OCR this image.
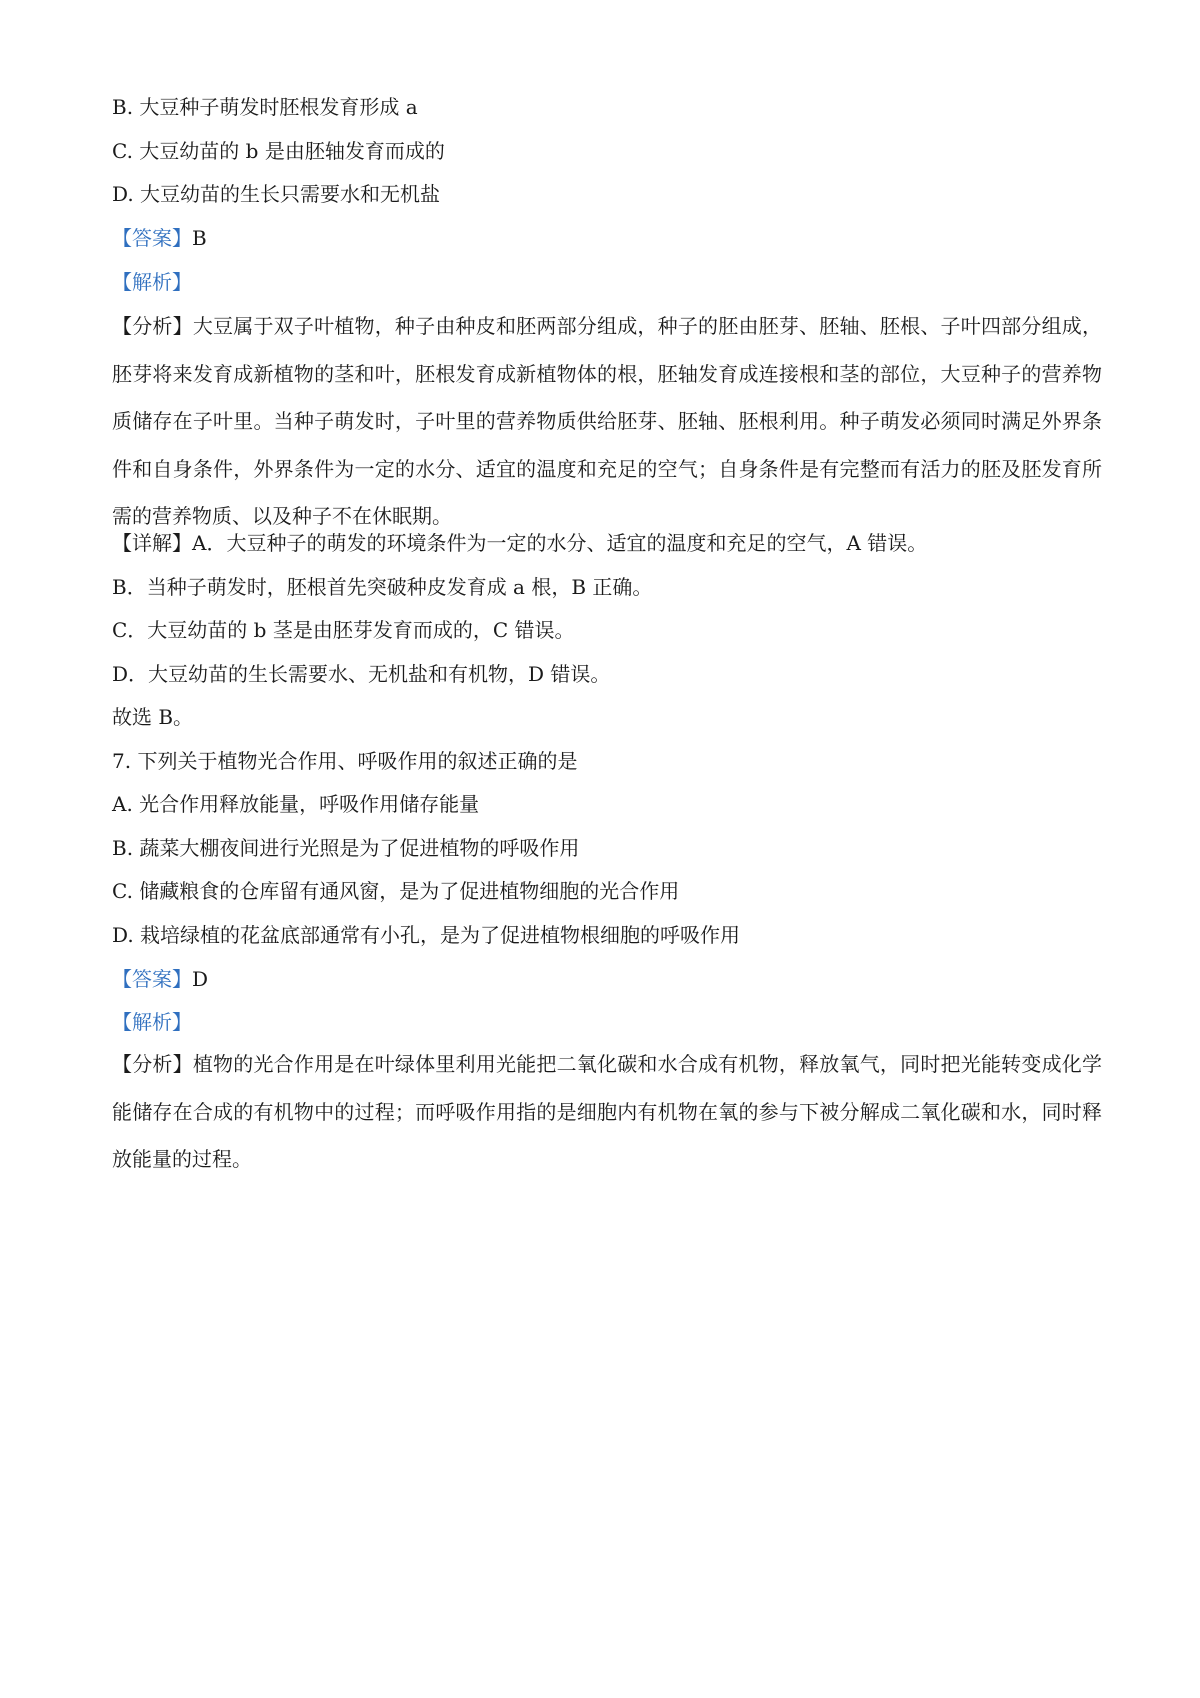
B. 大豆种子萌发时胚根发育形成 a
C. 大豆幼苗的 b 是由胚轴发育而成的
D. 大豆幼苗的生长只需要水和无机盐
【答案】B
【解析】
【分析】大豆属于双子叶植物，种子由种皮和胚两部分组成，种子的胚由胚芽、胚轴、胚根、子叶四部分组成，胚芽将来发育成新植物的茎和叶，胚根发育成新植物体的根，胚轴发育成连接根和茎的部位，大豆种子的营养物质储存在子叶里。当种子萌发时，子叶里的营养物质供给胚芽、胚轴、胚根利用。种子萌发必须同时满足外界条件和自身条件，外界条件为一定的水分、适宜的温度和充足的空气；自身条件是有完整而有活力的胚及胚发育所需的营养物质、以及种子不在休眠期。
【详解】A．大豆种子的萌发的环境条件为一定的水分、适宜的温度和充足的空气，A 错误。
B．当种子萌发时，胚根首先突破种皮发育成 a 根，B 正确。
C．大豆幼苗的 b 茎是由胚芽发育而成的，C 错误。
D．大豆幼苗的生长需要水、无机盐和有机物，D 错误。
故选 B。
7. 下列关于植物光合作用、呼吸作用的叙述正确的是
A. 光合作用释放能量，呼吸作用储存能量
B. 蔬菜大棚夜间进行光照是为了促进植物的呼吸作用
C. 储藏粮食的仓库留有通风窗，是为了促进植物细胞的光合作用
D. 栽培绿植的花盆底部通常有小孔，是为了促进植物根细胞的呼吸作用
【答案】D
【解析】
【分析】植物的光合作用是在叶绿体里利用光能把二氧化碳和水合成有机物，释放氧气，同时把光能转变成化学能储存在合成的有机物中的过程；而呼吸作用指的是细胞内有机物在氧的参与下被分解成二氧化碳和水，同时释放能量的过程。
